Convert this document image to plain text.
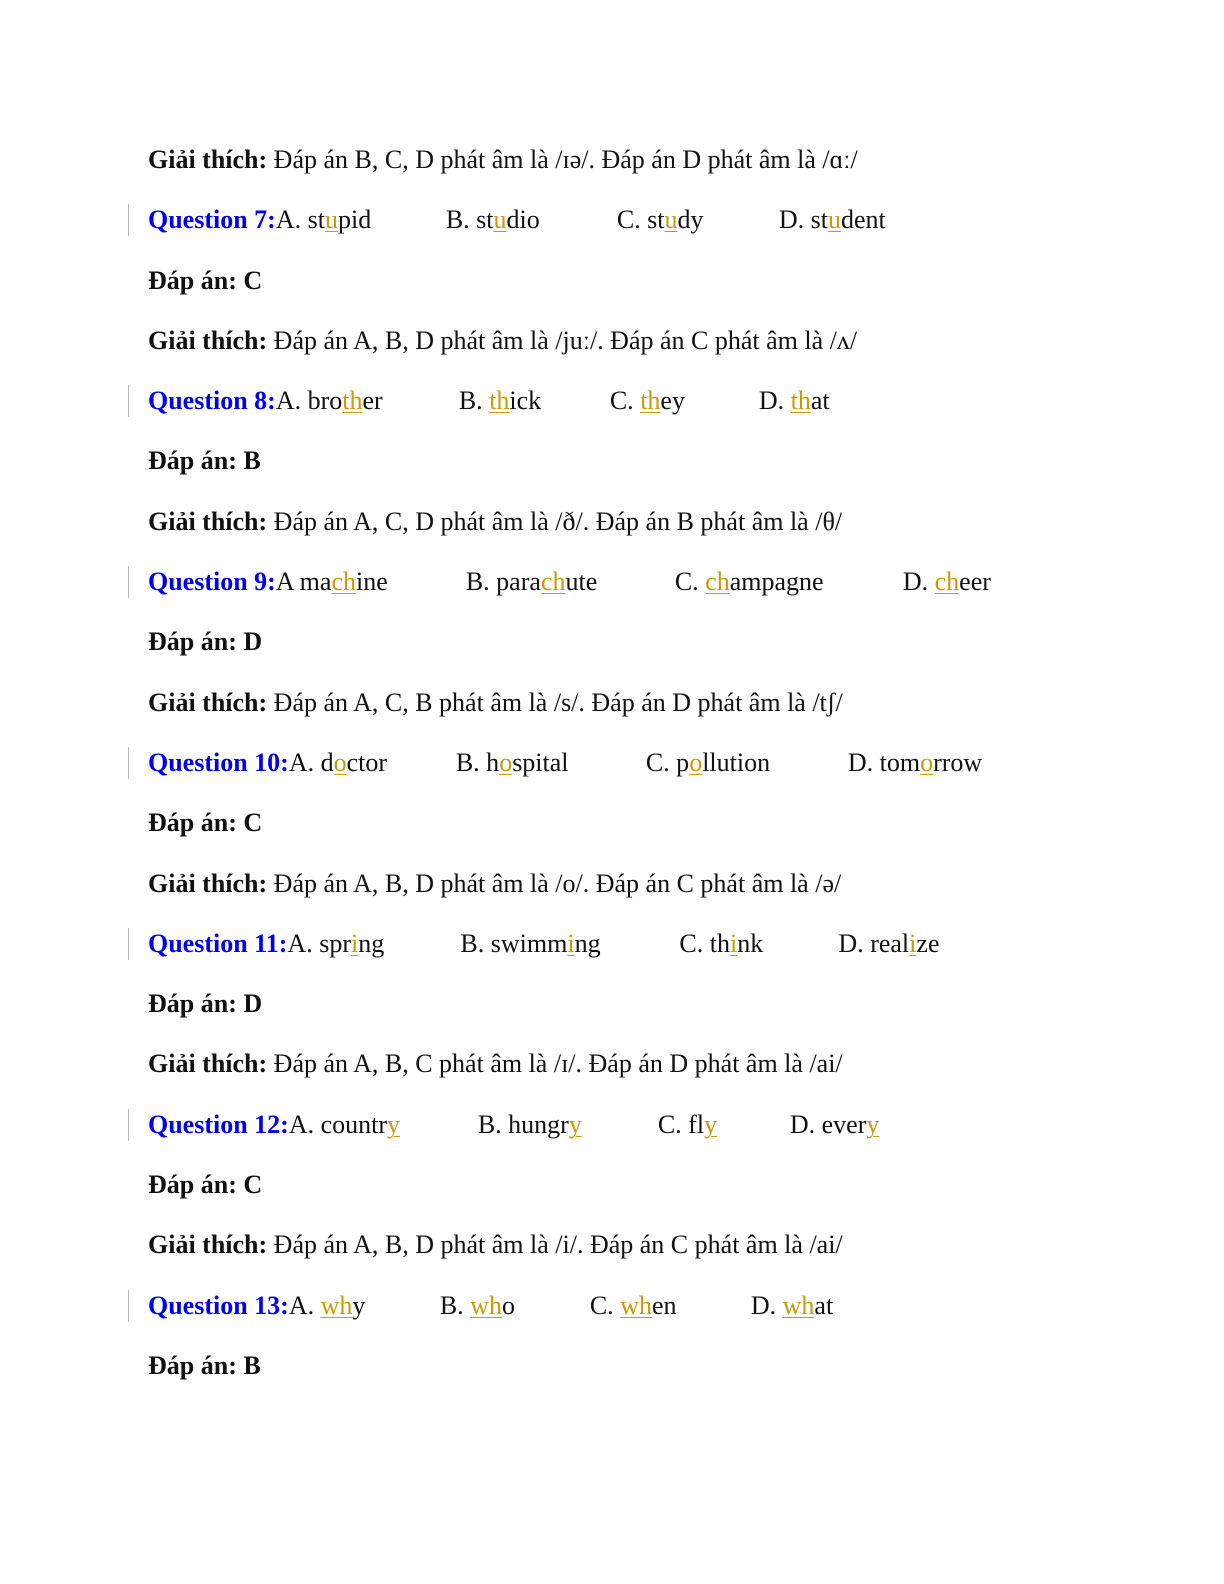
Giải thích: Đáp án B, C, D phát âm là /ɪə/. Đáp án D phát âm là /ɑː/
Question 7:A. stupid	B. studio	C. study	D. student
Đáp án: C
Giải thích: Đáp án A, B, D phát âm là /juː/. Đáp án C phát âm là /ʌ/
Question 8:A. brother	B. thick	C. they	D. that
Đáp án: B
Giải thích: Đáp án A, C, D phát âm là /ð/. Đáp án B phát âm là /θ/
Question 9:A machine	B. parachute	C. champagne	D. cheer
Đáp án: D
Giải thích: Đáp án A, C, B phát âm là /s/. Đáp án D phát âm là /tʃ/
Question 10:A. doctor	B. hospital	C. pollution	D. tomorrow
Đáp án: C
Giải thích: Đáp án A, B, D phát âm là /o/. Đáp án C phát âm là /ə/
Question 11:A. spring	B. swimming	C. think	D. realize
Đáp án: D
Giải thích: Đáp án A, B, C phát âm là /ɪ/. Đáp án D phát âm là /ai/
Question 12:A. country	B. hungry	C. fly	D. every
Đáp án: C
Giải thích: Đáp án A, B, D phát âm là /i/. Đáp án C phát âm là /ai/
Question 13:A. why	B. who	C. when	D. what
Đáp án: B
